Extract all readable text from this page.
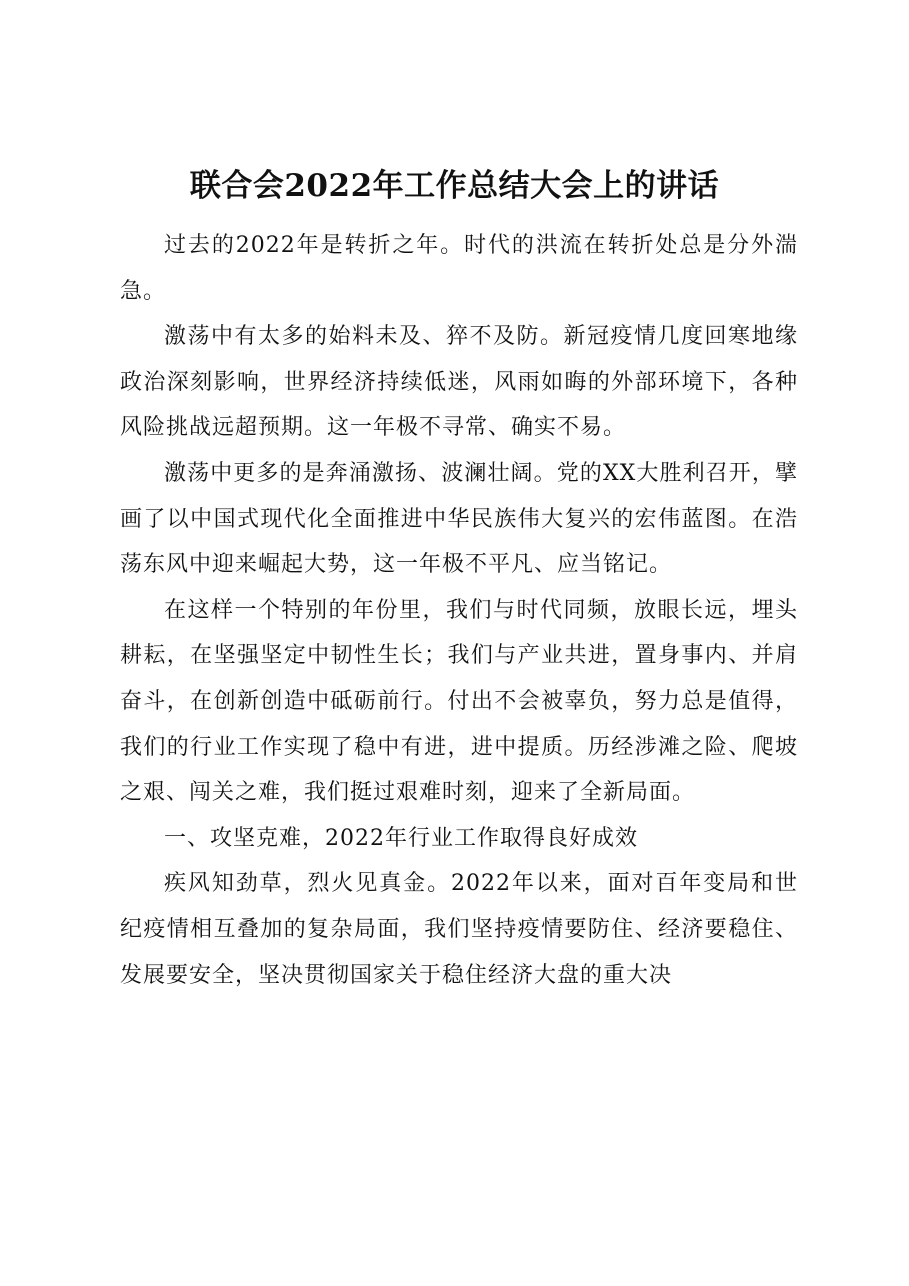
联合会2022年工作总结大会上的讲话

过去的2022年是转折之年。时代的洪流在转折处总是分外湍急。

激荡中有太多的始料未及、猝不及防。新冠疫情几度回寒地缘政治深刻影响，世界经济持续低迷，风雨如晦的外部环境下，各种风险挑战远超预期。这一年极不寻常、确实不易。

激荡中更多的是奔涌激扬、波澜壮阔。党的XX大胜利召开，擘画了以中国式现代化全面推进中华民族伟大复兴的宏伟蓝图。在浩荡东风中迎来崛起大势，这一年极不平凡、应当铭记。

在这样一个特别的年份里，我们与时代同频，放眼长远，埋头耕耘，在坚强坚定中韧性生长；我们与产业共进，置身事内、并肩奋斗，在创新创造中砥砺前行。付出不会被辜负，努力总是值得，我们的行业工作实现了稳中有进，进中提质。历经涉滩之险、爬坡之艰、闯关之难，我们挺过艰难时刻，迎来了全新局面。

一、攻坚克难，2022年行业工作取得良好成效

疾风知劲草，烈火见真金。2022年以来，面对百年变局和世纪疫情相互叠加的复杂局面，我们坚持疫情要防住、经济要稳住、发展要安全，坚决贯彻国家关于稳住经济大盘的重大决
